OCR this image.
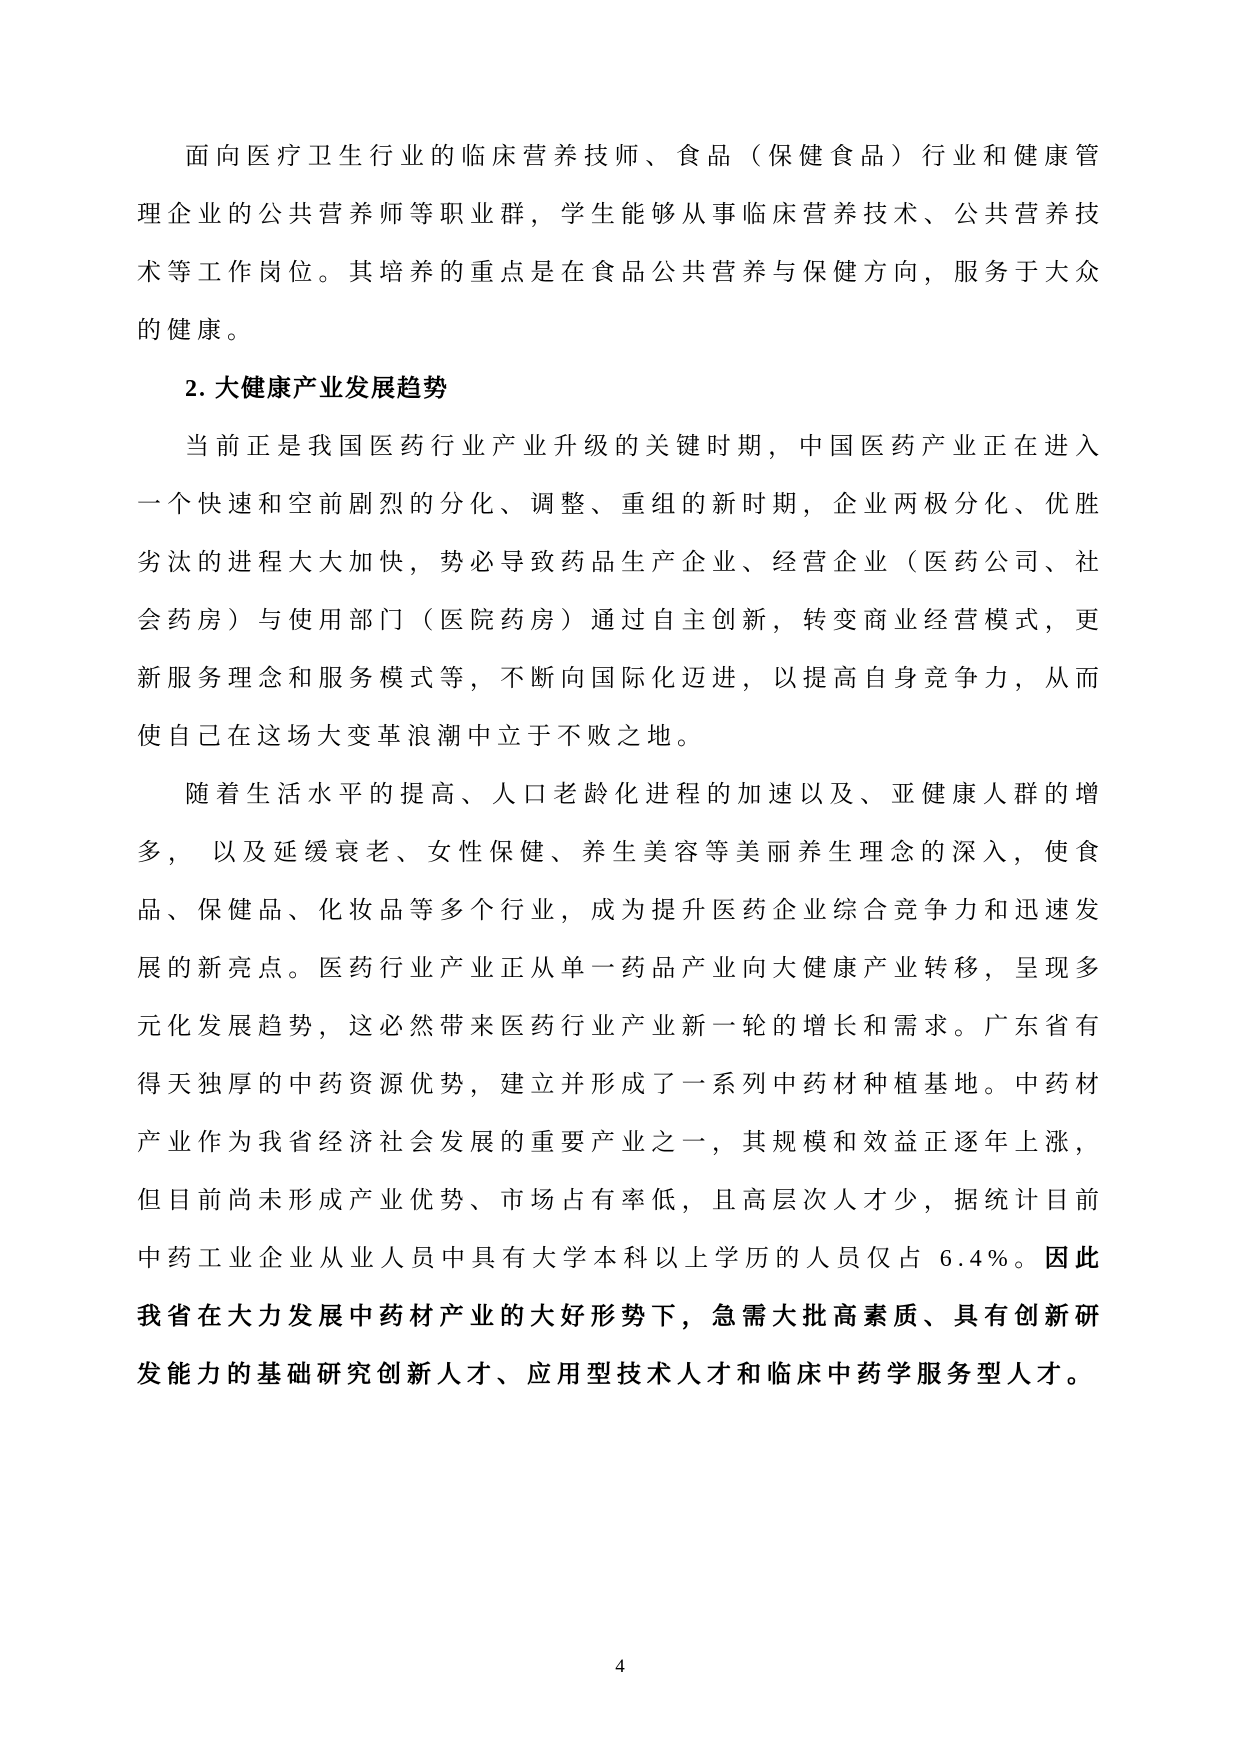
面向医疗卫生行业的临床营养技师、食品（保健食品）行业和健康管理企业的公共营养师等职业群，学生能够从事临床营养技术、公共营养技术等工作岗位。其培养的重点是在食品公共营养与保健方向，服务于大众的健康。

2. 大健康产业发展趋势

当前正是我国医药行业产业升级的关键时期，中国医药产业正在进入一个快速和空前剧烈的分化、调整、重组的新时期，企业两极分化、优胜劣汰的进程大大加快，势必导致药品生产企业、经营企业（医药公司、社会药房）与使用部门（医院药房）通过自主创新，转变商业经营模式，更新服务理念和服务模式等，不断向国际化迈进，以提高自身竞争力，从而使自己在这场大变革浪潮中立于不败之地。

随着生活水平的提高、人口老龄化进程的加速以及、亚健康人群的增多， 以及延缓衰老、女性保健、养生美容等美丽养生理念的深入，使食品、保健品、化妆品等多个行业，成为提升医药企业综合竞争力和迅速发展的新亮点。医药行业产业正从单一药品产业向大健康产业转移，呈现多元化发展趋势，这必然带来医药行业产业新一轮的增长和需求。广东省有得天独厚的中药资源优势，建立并形成了一系列中药材种植基地。中药材产业作为我省经济社会发展的重要产业之一，其规模和效益正逐年上涨，但目前尚未形成产业优势、市场占有率低，且高层次人才少，据统计目前中药工业企业从业人员中具有大学本科以上学历的人员仅占 6.4%。因此我省在大力发展中药材产业的大好形势下，急需大批高素质、具有创新研发能力的基础研究创新人才、应用型技术人才和临床中药学服务型人才。

4
